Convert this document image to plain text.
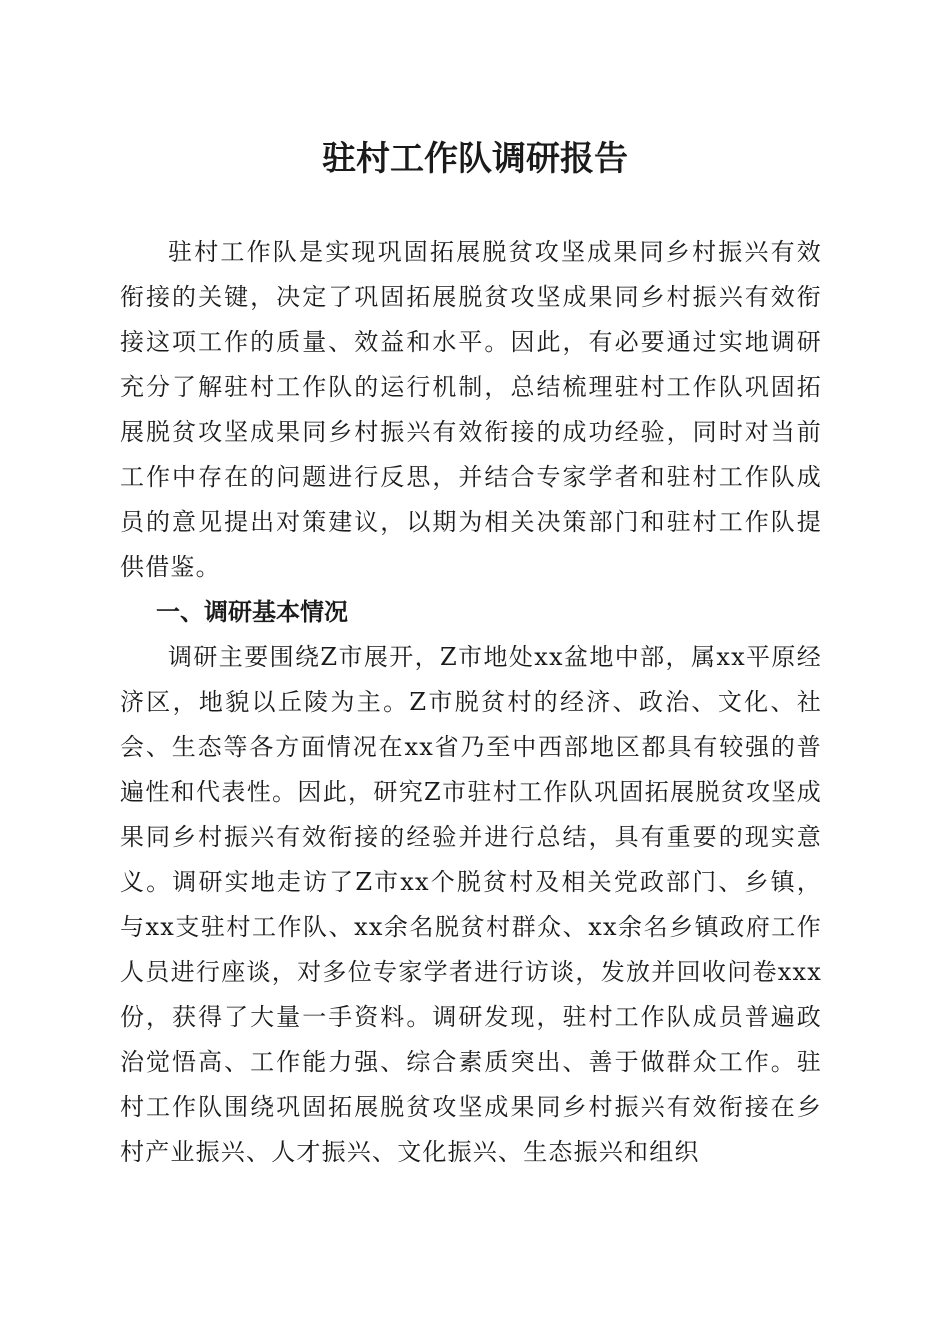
驻村工作队调研报告

驻村工作队是实现巩固拓展脱贫攻坚成果同乡村振兴有效衔接的关键，决定了巩固拓展脱贫攻坚成果同乡村振兴有效衔接这项工作的质量、效益和水平。因此，有必要通过实地调研充分了解驻村工作队的运行机制，总结梳理驻村工作队巩固拓展脱贫攻坚成果同乡村振兴有效衔接的成功经验，同时对当前工作中存在的问题进行反思，并结合专家学者和驻村工作队成员的意见提出对策建议，以期为相关决策部门和驻村工作队提供借鉴。

一、调研基本情况

调研主要围绕Z市展开，Z市地处xx盆地中部，属xx平原经济区，地貌以丘陵为主。Z市脱贫村的经济、政治、文化、社会、生态等各方面情况在xx省乃至中西部地区都具有较强的普遍性和代表性。因此，研究Z市驻村工作队巩固拓展脱贫攻坚成果同乡村振兴有效衔接的经验并进行总结，具有重要的现实意义。调研实地走访了Z市xx个脱贫村及相关党政部门、乡镇，与xx支驻村工作队、xx余名脱贫村群众、xx余名乡镇政府工作人员进行座谈，对多位专家学者进行访谈，发放并回收问卷xxx份，获得了大量一手资料。调研发现，驻村工作队成员普遍政治觉悟高、工作能力强、综合素质突出、善于做群众工作。驻村工作队围绕巩固拓展脱贫攻坚成果同乡村振兴有效衔接在乡村产业振兴、人才振兴、文化振兴、生态振兴和组织
